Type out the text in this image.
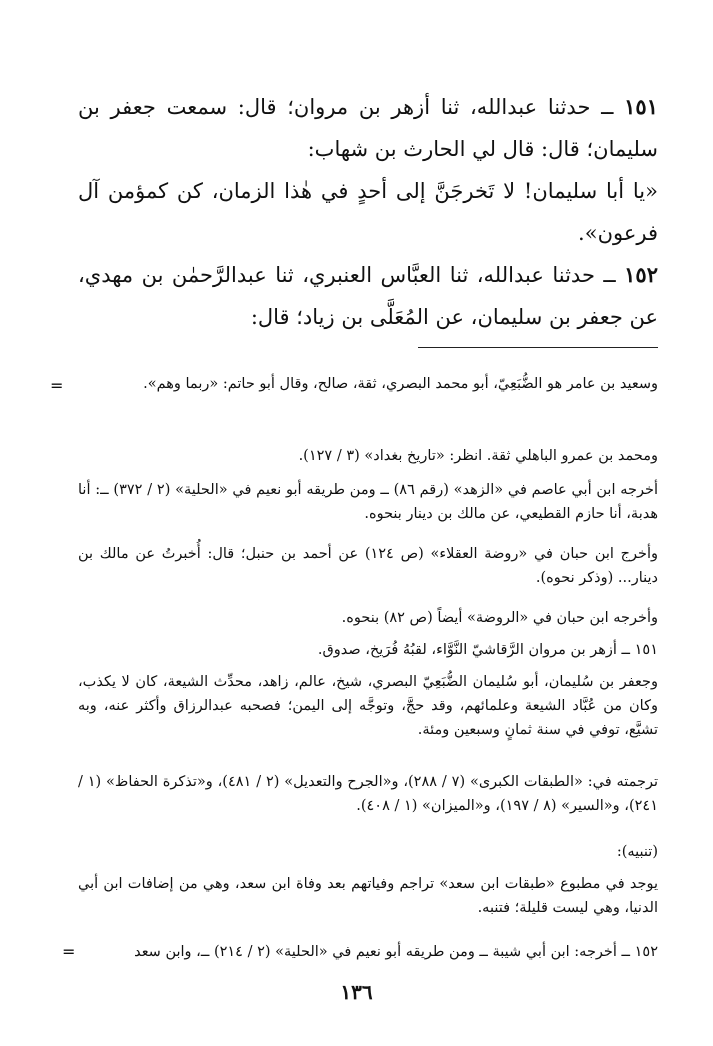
١٥١ ــ حدثنا عبدالله، ثنا أزهر بن مروان؛ قال: سمعت جعفر بن سليمان؛ قال: قال لي الحارث بن شهاب:

«يا أبا سليمان! لا تَخرجَنَّ إلى أحدٍ في هٰذا الزمان، كن كمؤمن آل فرعون».

١٥٢ ــ حدثنا عبدالله، ثنا العبَّاس العنبري، ثنا عبدالرَّحمٰن بن مهدي، عن جعفر بن سليمان، عن المُعَلَّى بن زياد؛ قال:

=	وسعيد بن عامر هو الضُّبَعِيّ، أبو محمد البصري، ثقة، صالح، وقال أبو حاتم: «ربما وهم».

ومحمد بن عمرو الباهلي ثقة. انظر: «تاريخ بغداد» (٣ / ١٢٧).

أخرجه ابن أبي عاصم في «الزهد» (رقم ٨٦) ــ ومن طريقه أبو نعيم في «الحلية» (٢ / ٣٧٢) ــ: أنا هدبة، أنا حازم القطيعي، عن مالك بن دينار بنحوه.

وأخرج ابن حبان في «روضة العقلاء» (ص ١٢٤) عن أحمد بن حنبل؛ قال: أُخبرتُ عن مالك بن دينار... (وذكر نحوه).

وأخرجه ابن حبان في «الروضة» أيضاً (ص ٨٢) بنحوه.

١٥١ ــ أزهر بن مروان الرَّقاشيّ النَّوَّاء، لقبُهُ فُرَيخ، صدوق.

وجعفر بن سُليمان، أبو سُليمان الضُّبَعِيّ البصري، شيخ، عالم، زاهد، محدِّث الشيعة، كان لا يكذب، وكان من عُبَّاد الشيعة وعلمائهم، وقد حجَّ، وتوجَّه إلى اليمن؛ فصحبه عبدالرزاق وأكثر عنه، وبه تشيَّع، توفي في سنة ثمانٍ وسبعين ومئة.

ترجمته في: «الطبقات الكبرى» (٧ / ٢٨٨)، و«الجرح والتعديل» (٢ / ٤٨١)، و«تذكرة الحفاظ» (١ / ٢٤١)، و«السير» (٨ / ١٩٧)، و«الميزان» (١ / ٤٠٨).

(تنبيه):

يوجد في مطبوع «طبقات ابن سعد» تراجم وفياتهم بعد وفاة ابن سعد، وهي من إضافات ابن أبي الدنيا، وهي ليست قليلة؛ فتنبه.

١٥٢ ــ أخرجه: ابن أبي شيبة ــ ومن طريقه أبو نعيم في «الحلية» (٢ / ٢١٤) ــ، وابن سعد

=
١٣٦
